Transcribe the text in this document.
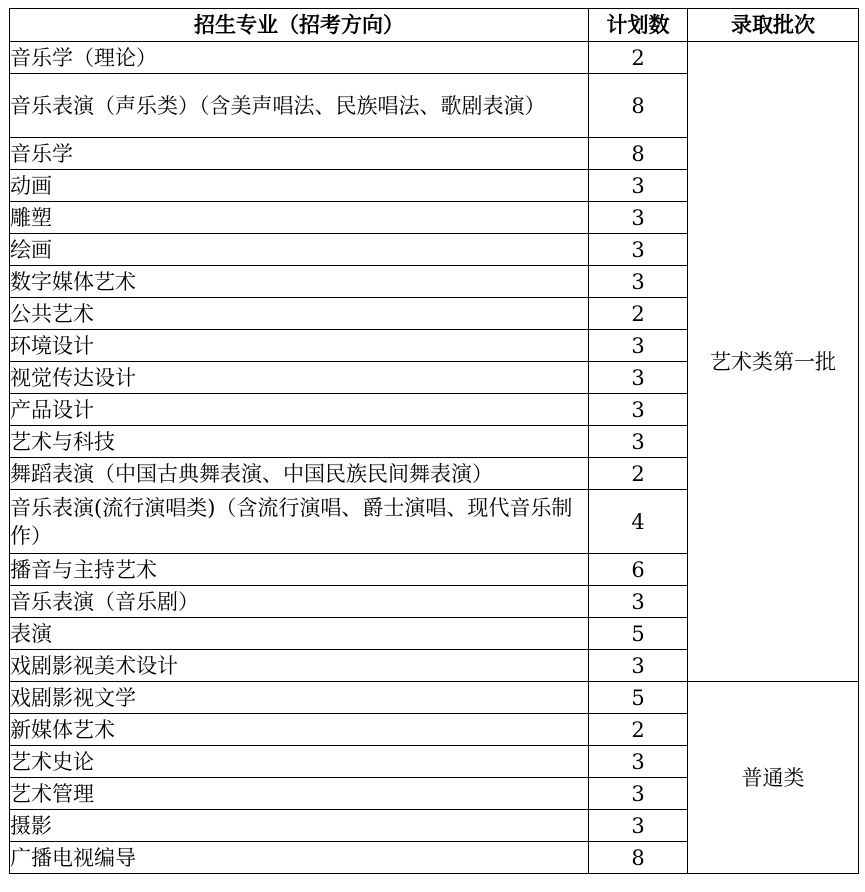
招生专业（招考方向）	计划数	录取批次
音乐学（理论）	2	艺术类第一批
音乐表演（声乐类）（含美声唱法、民族唱法、歌剧表演）	8	
音乐学	8	
动画	3	
雕塑	3	
绘画	3	
数字媒体艺术	3	
公共艺术	2	
环境设计	3	
视觉传达设计	3	
产品设计	3	
艺术与科技	3	
舞蹈表演（中国古典舞表演、中国民族民间舞表演）	2	
音乐表演(流行演唱类)（含流行演唱、爵士演唱、现代音乐制作）	4	
播音与主持艺术	6	
音乐表演（音乐剧）	3	
表演	5	
戏剧影视美术设计	3	
戏剧影视文学	5	普通类
新媒体艺术	2	
艺术史论	3	
艺术管理	3	
摄影	3	
广播电视编导	8	
